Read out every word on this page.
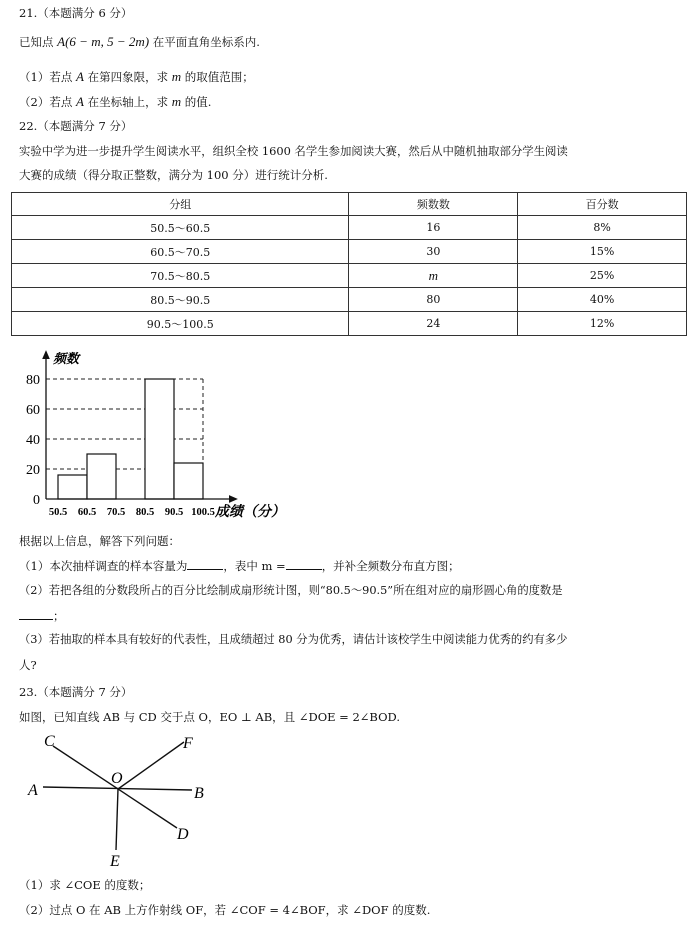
21.（本题满分 6 分）
已知点 A(6 − m, 5 − 2m) 在平面直角坐标系内.
（1）若点 A 在第四象限，求 m 的取值范围；
（2）若点 A 在坐标轴上，求 m 的值.
22.（本题满分 7 分）
实验中学为进一步提升学生阅读水平，组织全校 1600 名学生参加阅读大赛，然后从中随机抽取部分学生阅读
大赛的成绩（得分取正整数，满分为 100 分）进行统计分析.
分组	频数数	百分数
50.5～60.5	16	8%
60.5～70.5	30	15%
70.5～80.5	m	25%
80.5～90.5	80	40%
90.5～100.5	24	12%
0
20
40
60
80
50.5 60.5 70.5 80.5 90.5 100.5
频数
成绩（分）
根据以上信息，解答下列问题：
（1）本次抽样调查的样本容量为	，表中 m =	，并补全频数分布直方图；
（2）若把各组的分数段所占的百分比绘制成扇形统计图，则“80.5～90.5”所在组对应的扇形圆心角的度数是
；
（3）若抽取的样本具有较好的代表性，且成绩超过 80 分为优秀，请估计该校学生中阅读能力优秀的约有多少
人?
23.（本题满分 7 分）
如图，已知直线 AB 与 CD 交于点 O，EO ⊥ AB，且 ∠DOE = 2∠BOD.
C	F
O
A	B
D
E
（1）求 ∠COE 的度数；
（2）过点 O 在 AB 上方作射线 OF，若 ∠COF = 4∠BOF，求 ∠DOF 的度数.
